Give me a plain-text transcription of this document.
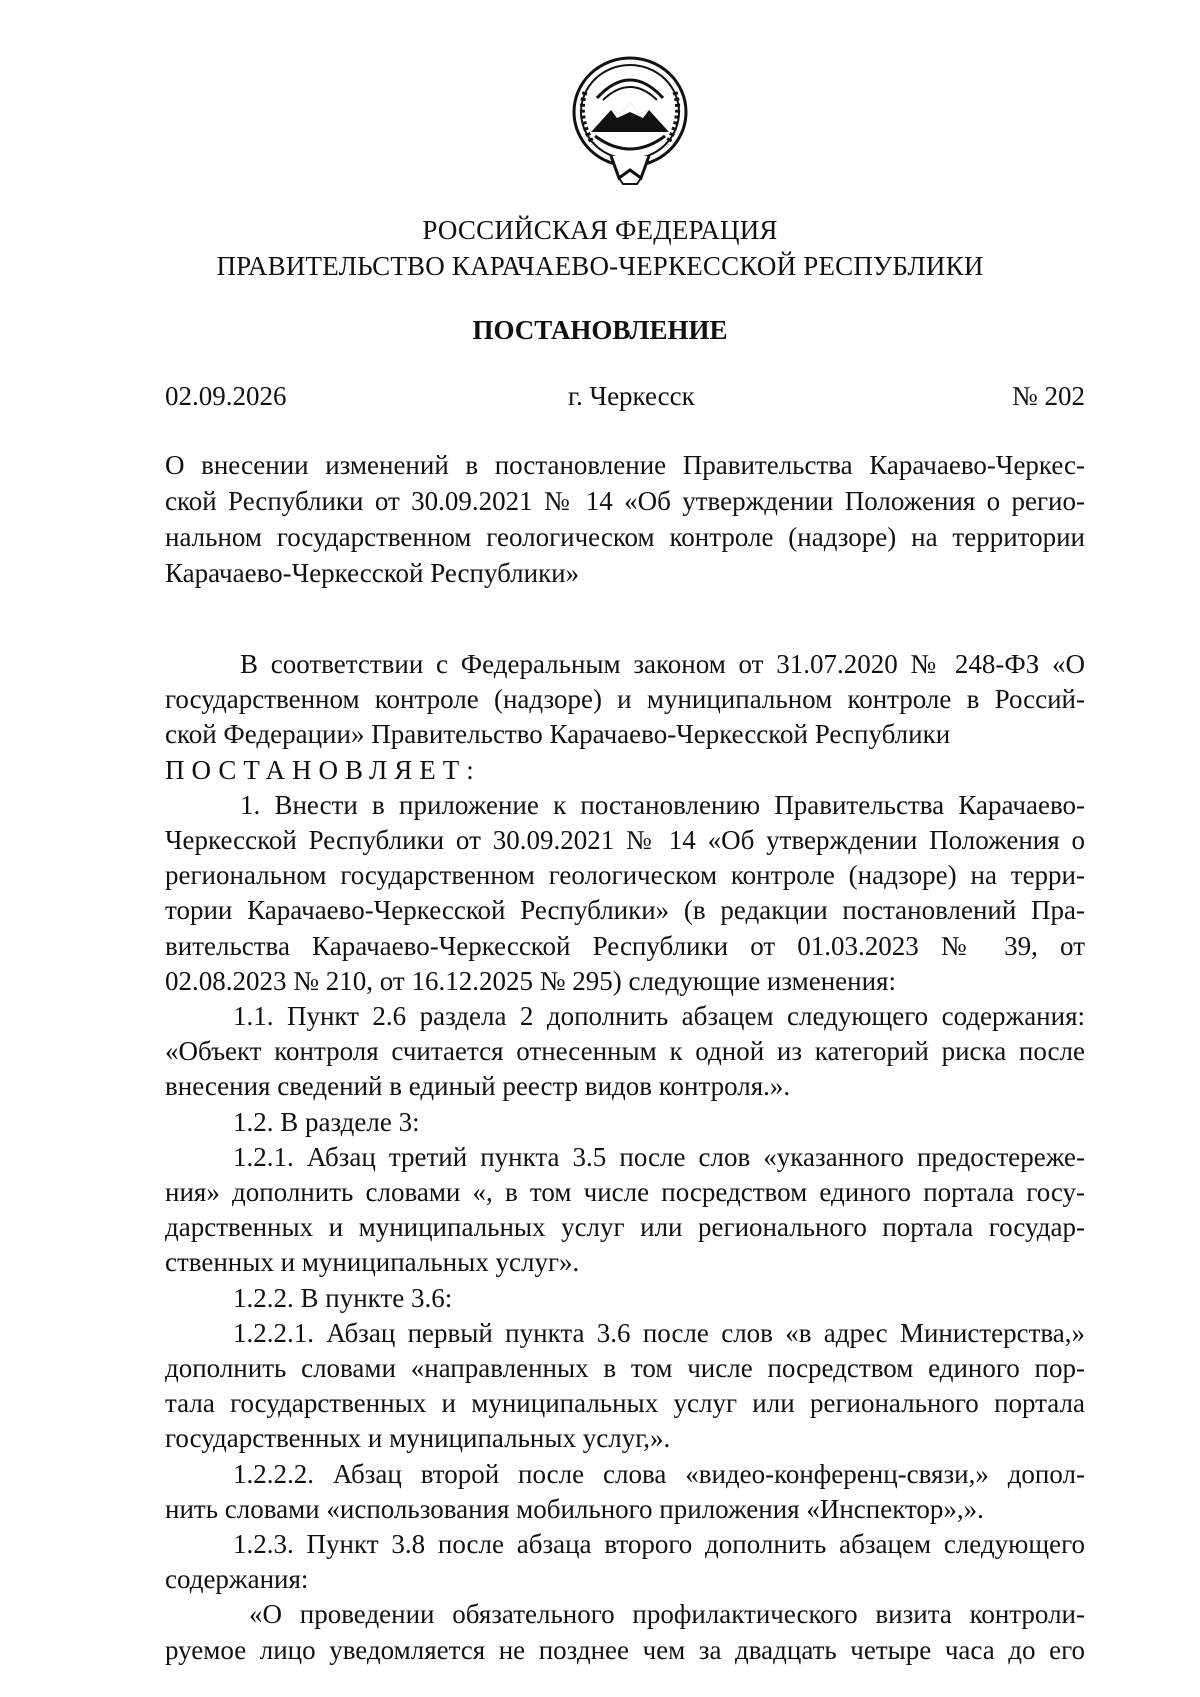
РОССИЙСКАЯ ФЕДЕРАЦИЯ
ПРАВИТЕЛЬСТВО КАРАЧАЕВО-ЧЕРКЕССКОЙ РЕСПУБЛИКИ
ПОСТАНОВЛЕНИЕ
02.09.2026	г. Черкесск	№ 202
О внесении изменений в постановление Правительства Карачаево-Черкес-
ской Республики от 30.09.2021 № 14 «Об утверждении Положения о регио-
нальном государственном геологическом контроле (надзоре) на территории
Карачаево-Черкесской Республики»
В соответствии с Федеральным законом от 31.07.2020 № 248-ФЗ «О
государственном контроле (надзоре) и муниципальном контроле в Россий-
ской Федерации» Правительство Карачаево-Черкесской Республики
ПОСТАНОВЛЯЕТ:
1. Внести в приложение к постановлению Правительства Карачаево-
Черкесской Республики от 30.09.2021 № 14 «Об утверждении Положения о
региональном государственном геологическом контроле (надзоре) на терри-
тории Карачаево-Черкесской Республики» (в редакции постановлений Пра-
вительства Карачаево-Черкесской Республики от 01.03.2023 № 39, от
02.08.2023 № 210, от 16.12.2025 № 295) следующие изменения:
1.1. Пункт 2.6 раздела 2 дополнить абзацем следующего содержания:
«Объект контроля считается отнесенным к одной из категорий риска после
внесения сведений в единый реестр видов контроля.».
1.2. В разделе 3:
1.2.1. Абзац третий пункта 3.5 после слов «указанного предостереже-
ния» дополнить словами «, в том числе посредством единого портала госу-
дарственных и муниципальных услуг или регионального портала государ-
ственных и муниципальных услуг».
1.2.2. В пункте 3.6:
1.2.2.1. Абзац первый пункта 3.6 после слов «в адрес Министерства,»
дополнить словами «направленных в том числе посредством единого пор-
тала государственных и муниципальных услуг или регионального портала
государственных и муниципальных услуг,».
1.2.2.2. Абзац второй после слова «видео-конференц-связи,» допол-
нить словами «использования мобильного приложения «Инспектор»,».
1.2.3. Пункт 3.8 после абзаца второго дополнить абзацем следующего
содержания:
«О проведении обязательного профилактического визита контроли-
руемое лицо уведомляется не позднее чем за двадцать четыре часа до его
